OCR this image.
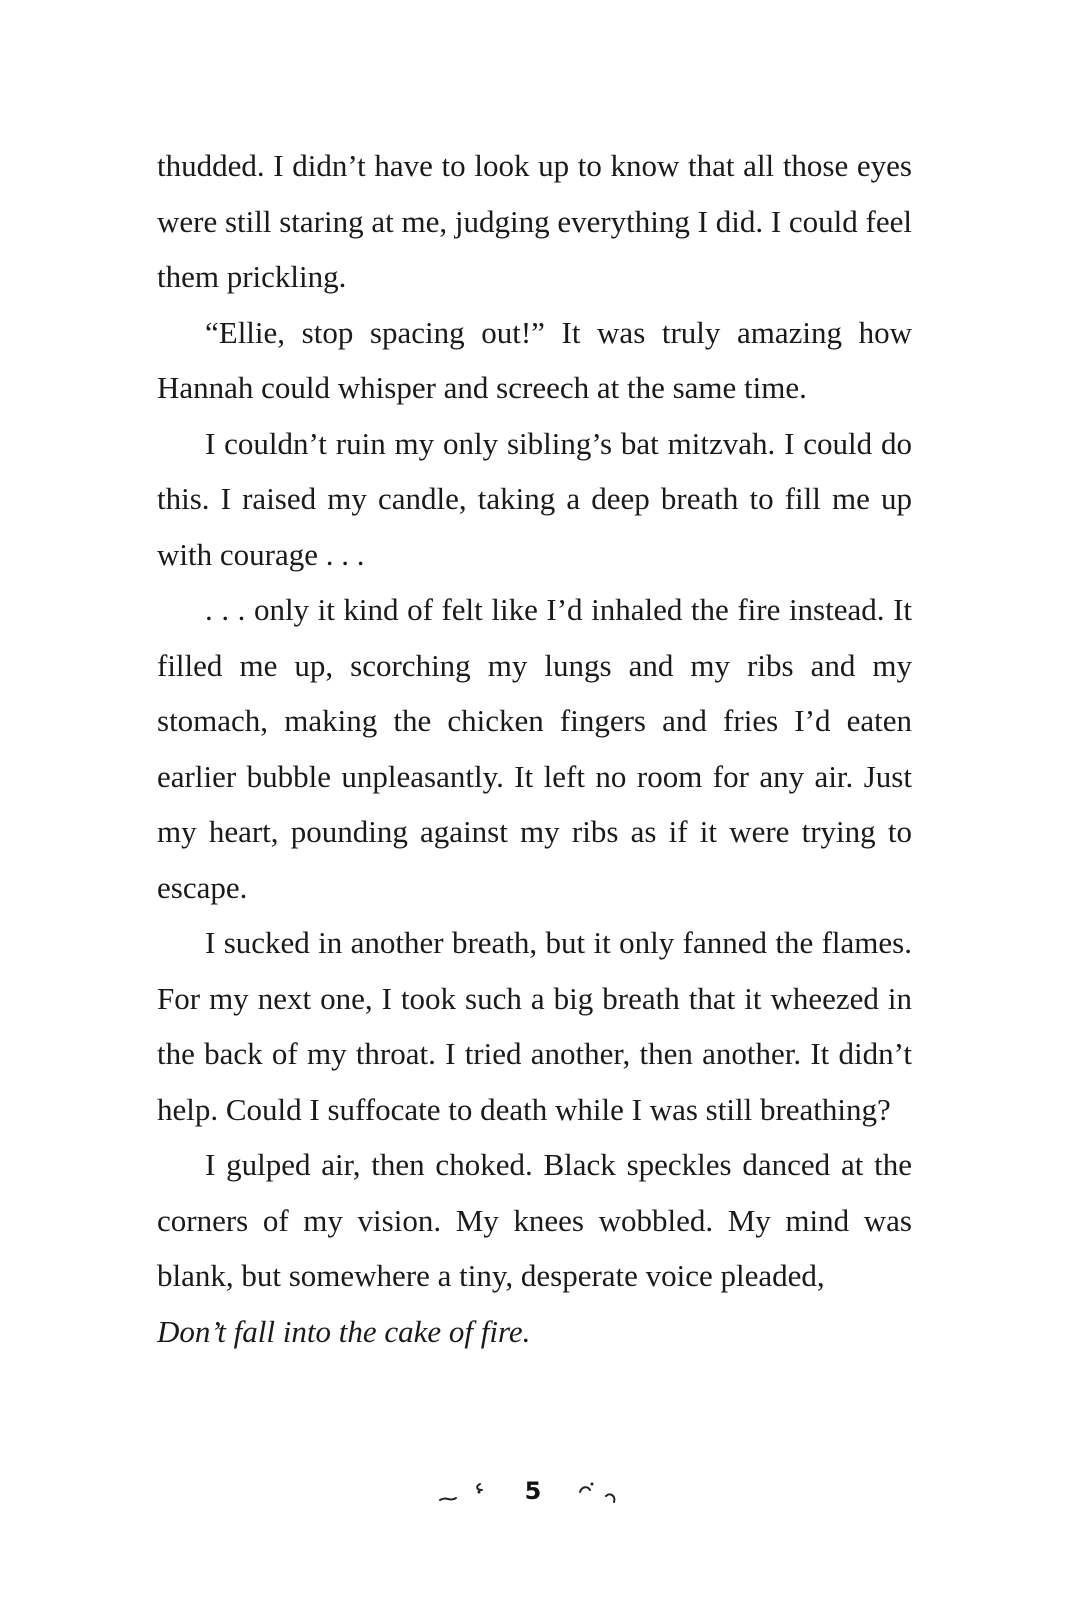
thudded. I didn’t have to look up to know that all those eyes were still staring at me, judging everything I did. I could feel them prickling.

“Ellie, stop spacing out!” It was truly amazing how Hannah could whisper and screech at the same time.

I couldn’t ruin my only sibling’s bat mitzvah. I could do this. I raised my candle, taking a deep breath to fill me up with courage . . .

. . . only it kind of felt like I’d inhaled the fire instead. It filled me up, scorching my lungs and my ribs and my stomach, making the chicken fingers and fries I’d eaten earlier bubble unpleasantly. It left no room for any air. Just my heart, pounding against my ribs as if it were trying to escape.

I sucked in another breath, but it only fanned the flames. For my next one, I took such a big breath that it wheezed in the back of my throat. I tried another, then another. It didn’t help. Could I suffocate to death while I was still breathing?

I gulped air, then choked. Black speckles danced at the corners of my vision. My knees wobbled. My mind was blank, but somewhere a tiny, desperate voice pleaded,
Don’t fall into the cake of fire.

5
